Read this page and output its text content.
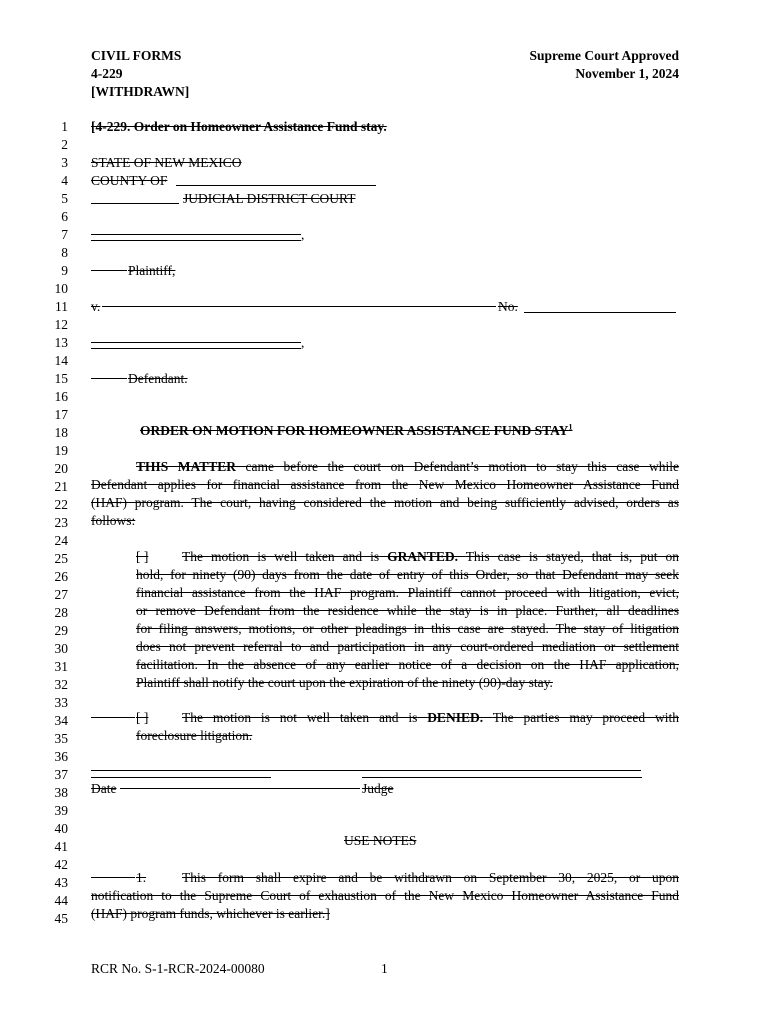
CIVIL FORMS
4-229
[WITHDRAWN]
Supreme Court Approved
November 1, 2024
1
2
3
4
5
6
7
8
9
10
11
12
13
14
15
16
17
18
19
20
21
22
23
24
25
26
27
28
29
30
31
32
33
34
35
36
37
38
39
40
41
42
43
44
45
[4-229. Order on Homeowner Assistance Fund stay.
STATE OF NEW MEXICO
COUNTY OF
JUDICIAL DISTRICT COURT
,
Plaintiff,
v.	No.
,
Defendant.
ORDER ON MOTION FOR HOMEOWNER ASSISTANCE FUND STAY$^1$
THIS MATTER came before the court on Defendant’s motion to stay this case while
Defendant applies for financial assistance from the New Mexico Homeowner Assistance Fund
(HAF) program. The court, having considered the motion and being sufficiently advised, orders as
follows:
[ ] The motion is well taken and is GRANTED. This case is stayed, that is, put on
hold, for ninety (90) days from the date of entry of this Order, so that Defendant may seek
financial assistance from the HAF program. Plaintiff cannot proceed with litigation, evict,
or remove Defendant from the residence while the stay is in place. Further, all deadlines
for filing answers, motions, or other pleadings in this case are stayed. The stay of litigation
does not prevent referral to and participation in any court-ordered mediation or settlement
facilitation. In the absence of any earlier notice of a decision on the HAF application,
Plaintiff shall notify the court upon the expiration of the ninety (90)-day stay.
[ ] The motion is not well taken and is DENIED. The parties may proceed with
foreclosure litigation.
Date	Judge
USE NOTES
1.	This form shall expire and be withdrawn on September 30, 2025, or upon
notification to the Supreme Court of exhaustion of the New Mexico Homeowner Assistance Fund
(HAF) program funds, whichever is earlier.]
RCR No. S-1-RCR-2024-00080	1
